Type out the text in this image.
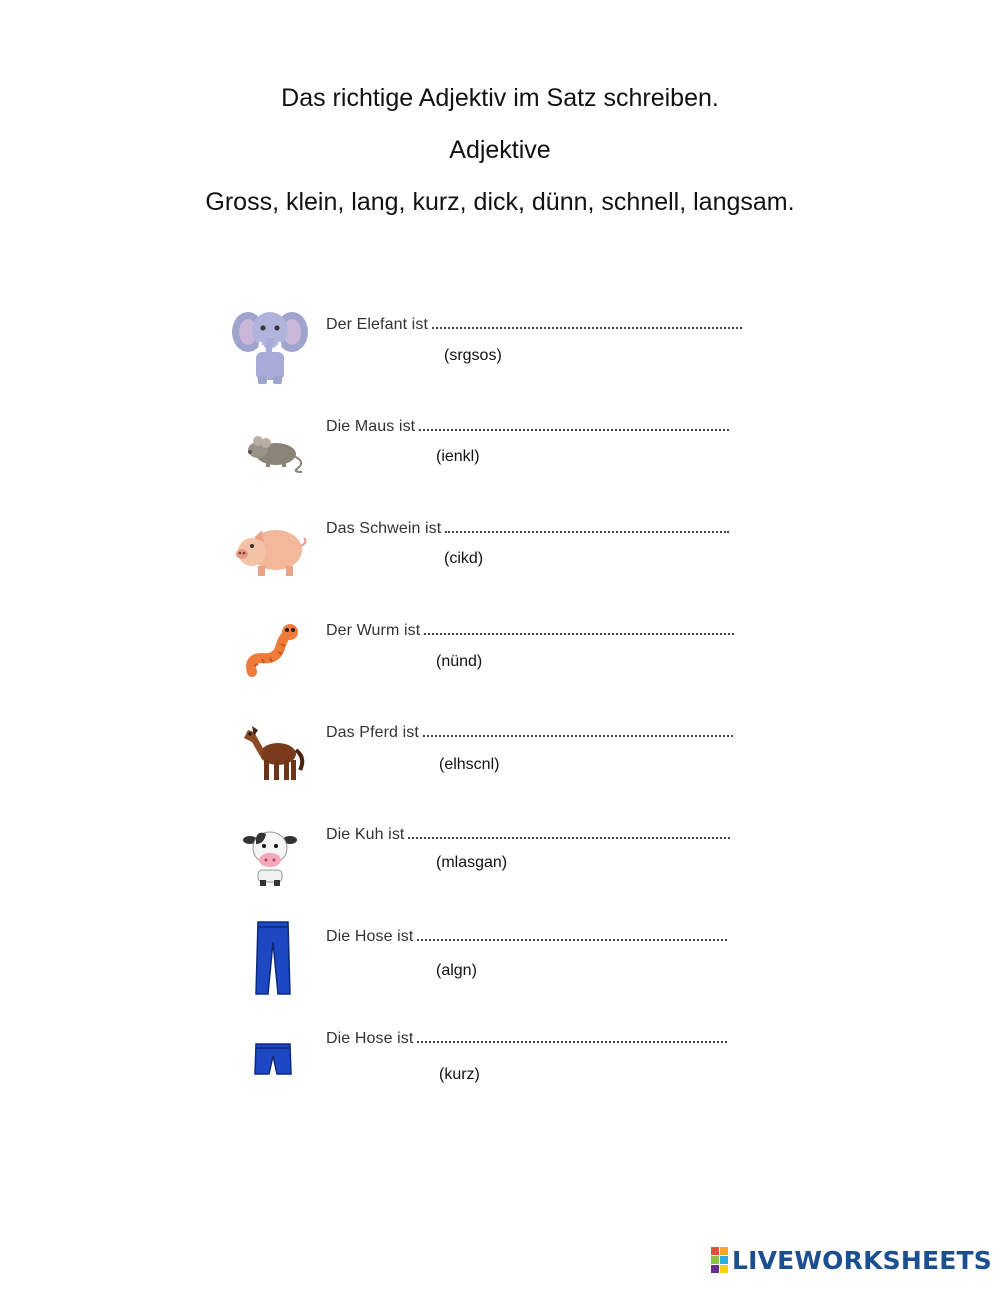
Das richtige Adjektiv im Satz schreiben.
Adjektive
Gross, klein, lang, kurz, dick, dünn, schnell, langsam.
Der Elefant ist
(srgsos)
Die Maus ist
(ienkl)
Das Schwein ist
(cikd)
Der Wurm ist
(nünd)
Das Pferd ist
(elhscnl)
Die Kuh ist
(mlasgan)
Die Hose ist
(algn)
Die Hose ist
(kurz)
LIVEWORKSHEETS
